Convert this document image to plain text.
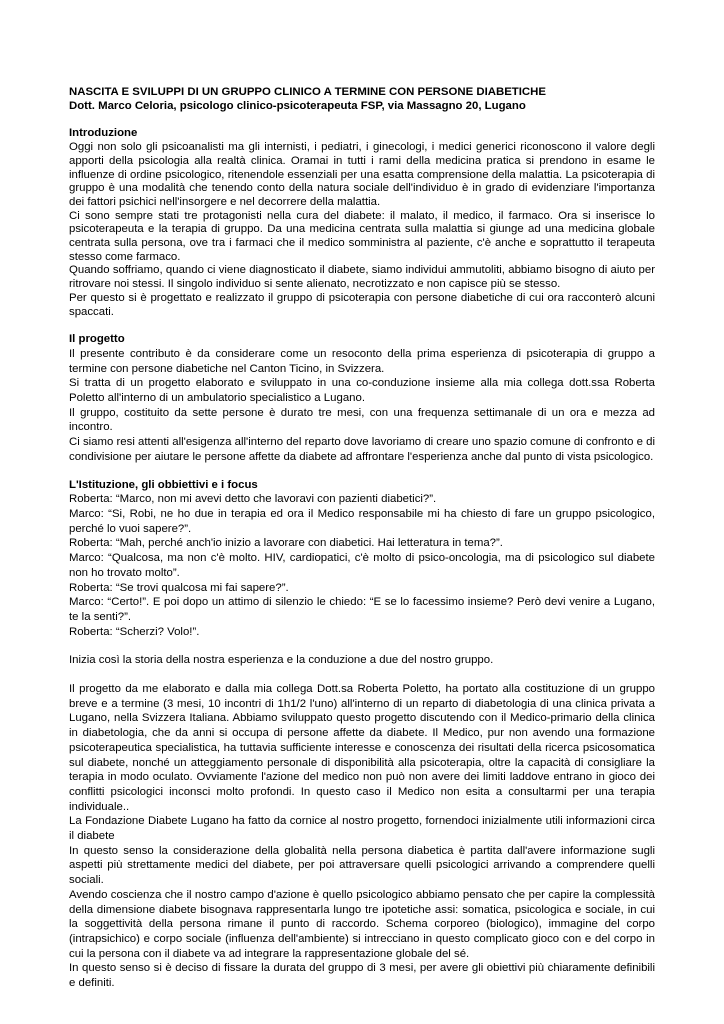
NASCITA E SVILUPPI DI UN GRUPPO CLINICO A TERMINE CON PERSONE DIABETICHE
Dott. Marco Celoria, psicologo clinico-psicoterapeuta FSP, via Massagno 20, Lugano
Introduzione

Oggi non solo gli psicoanalisti ma gli internisti, i pediatri, i ginecologi, i medici generici riconoscono il valore degli apporti della psicologia alla realtà clinica. Oramai in tutti i rami della medicina pratica si prendono in esame le influenze di ordine psicologico, ritenendole essenziali per una esatta comprensione della malattia. La psicoterapia di gruppo è una modalità che tenendo conto della natura sociale dell'individuo è in grado di evidenziare l'importanza dei fattori psichici nell'insorgere e nel decorrere della malattia.

Ci sono sempre stati tre protagonisti nella cura del diabete: il malato, il medico, il farmaco. Ora si inserisce lo psicoterapeuta e la terapia di gruppo. Da una medicina centrata sulla malattia si giunge ad una medicina globale centrata sulla persona, ove tra i farmaci che il medico somministra al paziente, c'è anche e soprattutto il terapeuta stesso come farmaco.

Quando soffriamo, quando ci viene diagnosticato il diabete, siamo individui ammutoliti, abbiamo bisogno di aiuto per ritrovare noi stessi. Il singolo individuo si sente alienato, necrotizzato e non capisce più se stesso.

Per questo si è progettato e realizzato il gruppo di psicoterapia con persone diabetiche di cui ora racconterò alcuni spaccati.

Il progetto

Il presente contributo è da considerare come un resoconto della prima esperienza di psicoterapia di gruppo a termine con persone diabetiche nel Canton Ticino, in Svizzera.

Si tratta di un progetto elaborato e sviluppato in una co-conduzione insieme alla mia collega dott.ssa Roberta Poletto all'interno di un ambulatorio specialistico a Lugano.

Il gruppo, costituito da sette persone è durato tre mesi, con una frequenza settimanale di un ora e mezza ad incontro.

Ci siamo resi attenti all'esigenza all'interno del reparto dove lavoriamo di creare uno spazio comune di confronto e di condivisione per aiutare le persone affette da diabete ad affrontare l'esperienza anche dal punto di vista psicologico.

L'Istituzione, gli obbiettivi e i focus

Roberta: “Marco, non mi avevi detto che lavoravi con pazienti diabetici?”.

Marco: “Si, Robi, ne ho due in terapia ed ora il Medico responsabile mi ha chiesto di fare un gruppo psicologico, perché lo vuoi sapere?”.

Roberta: “Mah, perché anch'io inizio a lavorare con diabetici. Hai letteratura in tema?”.

Marco: “Qualcosa, ma non c'è molto. HIV, cardiopatici, c'è molto di psico-oncologia, ma di psicologico sul diabete non ho trovato molto”.

Roberta: “Se trovi qualcosa mi fai sapere?”.

Marco: “Certo!”. E poi dopo un attimo di silenzio le chiedo: “E se lo facessimo insieme? Però devi venire a Lugano, te la senti?”.

Roberta: “Scherzi? Volo!”.

Inizia così la storia della nostra esperienza e la conduzione a due del nostro gruppo.

Il progetto da me elaborato e dalla mia collega Dott.sa Roberta Poletto, ha portato alla costituzione di un gruppo breve e a termine (3 mesi, 10 incontri di 1h1/2 l'uno) all'interno di un reparto di diabetologia di una clinica privata a Lugano, nella Svizzera Italiana. Abbiamo sviluppato questo progetto discutendo con il Medico-primario della clinica in diabetologia, che da anni si occupa di persone affette da diabete. Il Medico, pur non avendo una formazione psicoterapeutica specialistica, ha tuttavia sufficiente interesse e conoscenza dei risultati della ricerca psicosomatica sul diabete, nonché un atteggiamento personale di disponibilità alla psicoterapia, oltre la capacità di consigliare la terapia in modo oculato. Ovviamente l'azione del medico non può non avere dei limiti laddove entrano in gioco dei conflitti psicologici inconsci molto profondi. In questo caso il Medico non esita a consultarmi per una terapia individuale..

La Fondazione Diabete Lugano ha fatto da cornice al nostro progetto, fornendoci inizialmente utili informazioni circa il diabete

In questo senso la considerazione della globalità nella persona diabetica è partita dall'avere informazione sugli aspetti più strettamente medici del diabete, per poi attraversare quelli psicologici arrivando a comprendere quelli sociali.

Avendo coscienza che il nostro campo d'azione è quello psicologico abbiamo pensato che per capire la complessità della dimensione diabete bisognava rappresentarla lungo tre ipotetiche assi: somatica, psicologica e sociale, in cui la soggettività della persona rimane il punto di raccordo. Schema corporeo (biologico), immagine del corpo (intrapsichico) e corpo sociale (influenza dell'ambiente) si intrecciano in questo complicato gioco con e del corpo in cui la persona con il diabete va ad integrare la rappresentazione globale del sé.

In questo senso si è deciso di fissare la durata del gruppo di 3 mesi, per avere gli obiettivi più chiaramente definibili e definiti.
